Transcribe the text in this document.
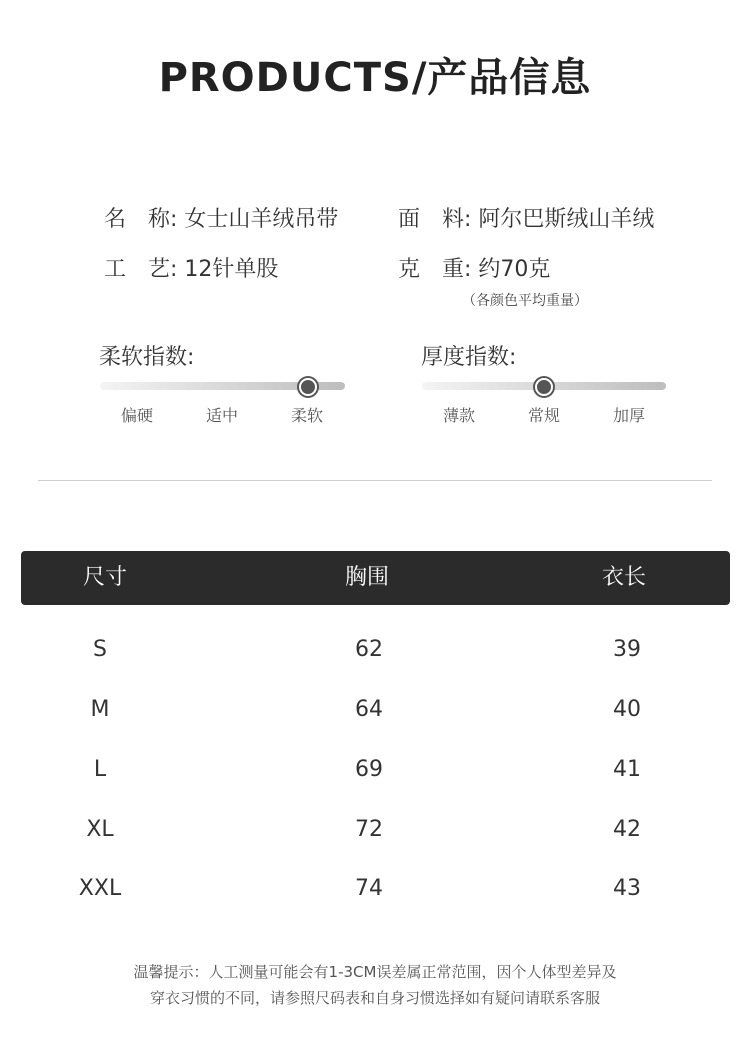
PRODUCTS/产品信息
名　称: 女士山羊绒吊带	面　料: 阿尔巴斯绒山羊绒
工　艺: 12针单股	克　重: 约70克
（各颜色平均重量）
柔软指数:
偏硬	适中	柔软
厚度指数:
薄款	常规	加厚
尺寸	胸围	衣长
S	62	39
M	64	40
L	69	41
XL	72	42
XXL	74	43
温馨提示：人工测量可能会有1-3CM误差属正常范围，因个人体型差异及
穿衣习惯的不同，请参照尺码表和自身习惯选择如有疑问请联系客服
